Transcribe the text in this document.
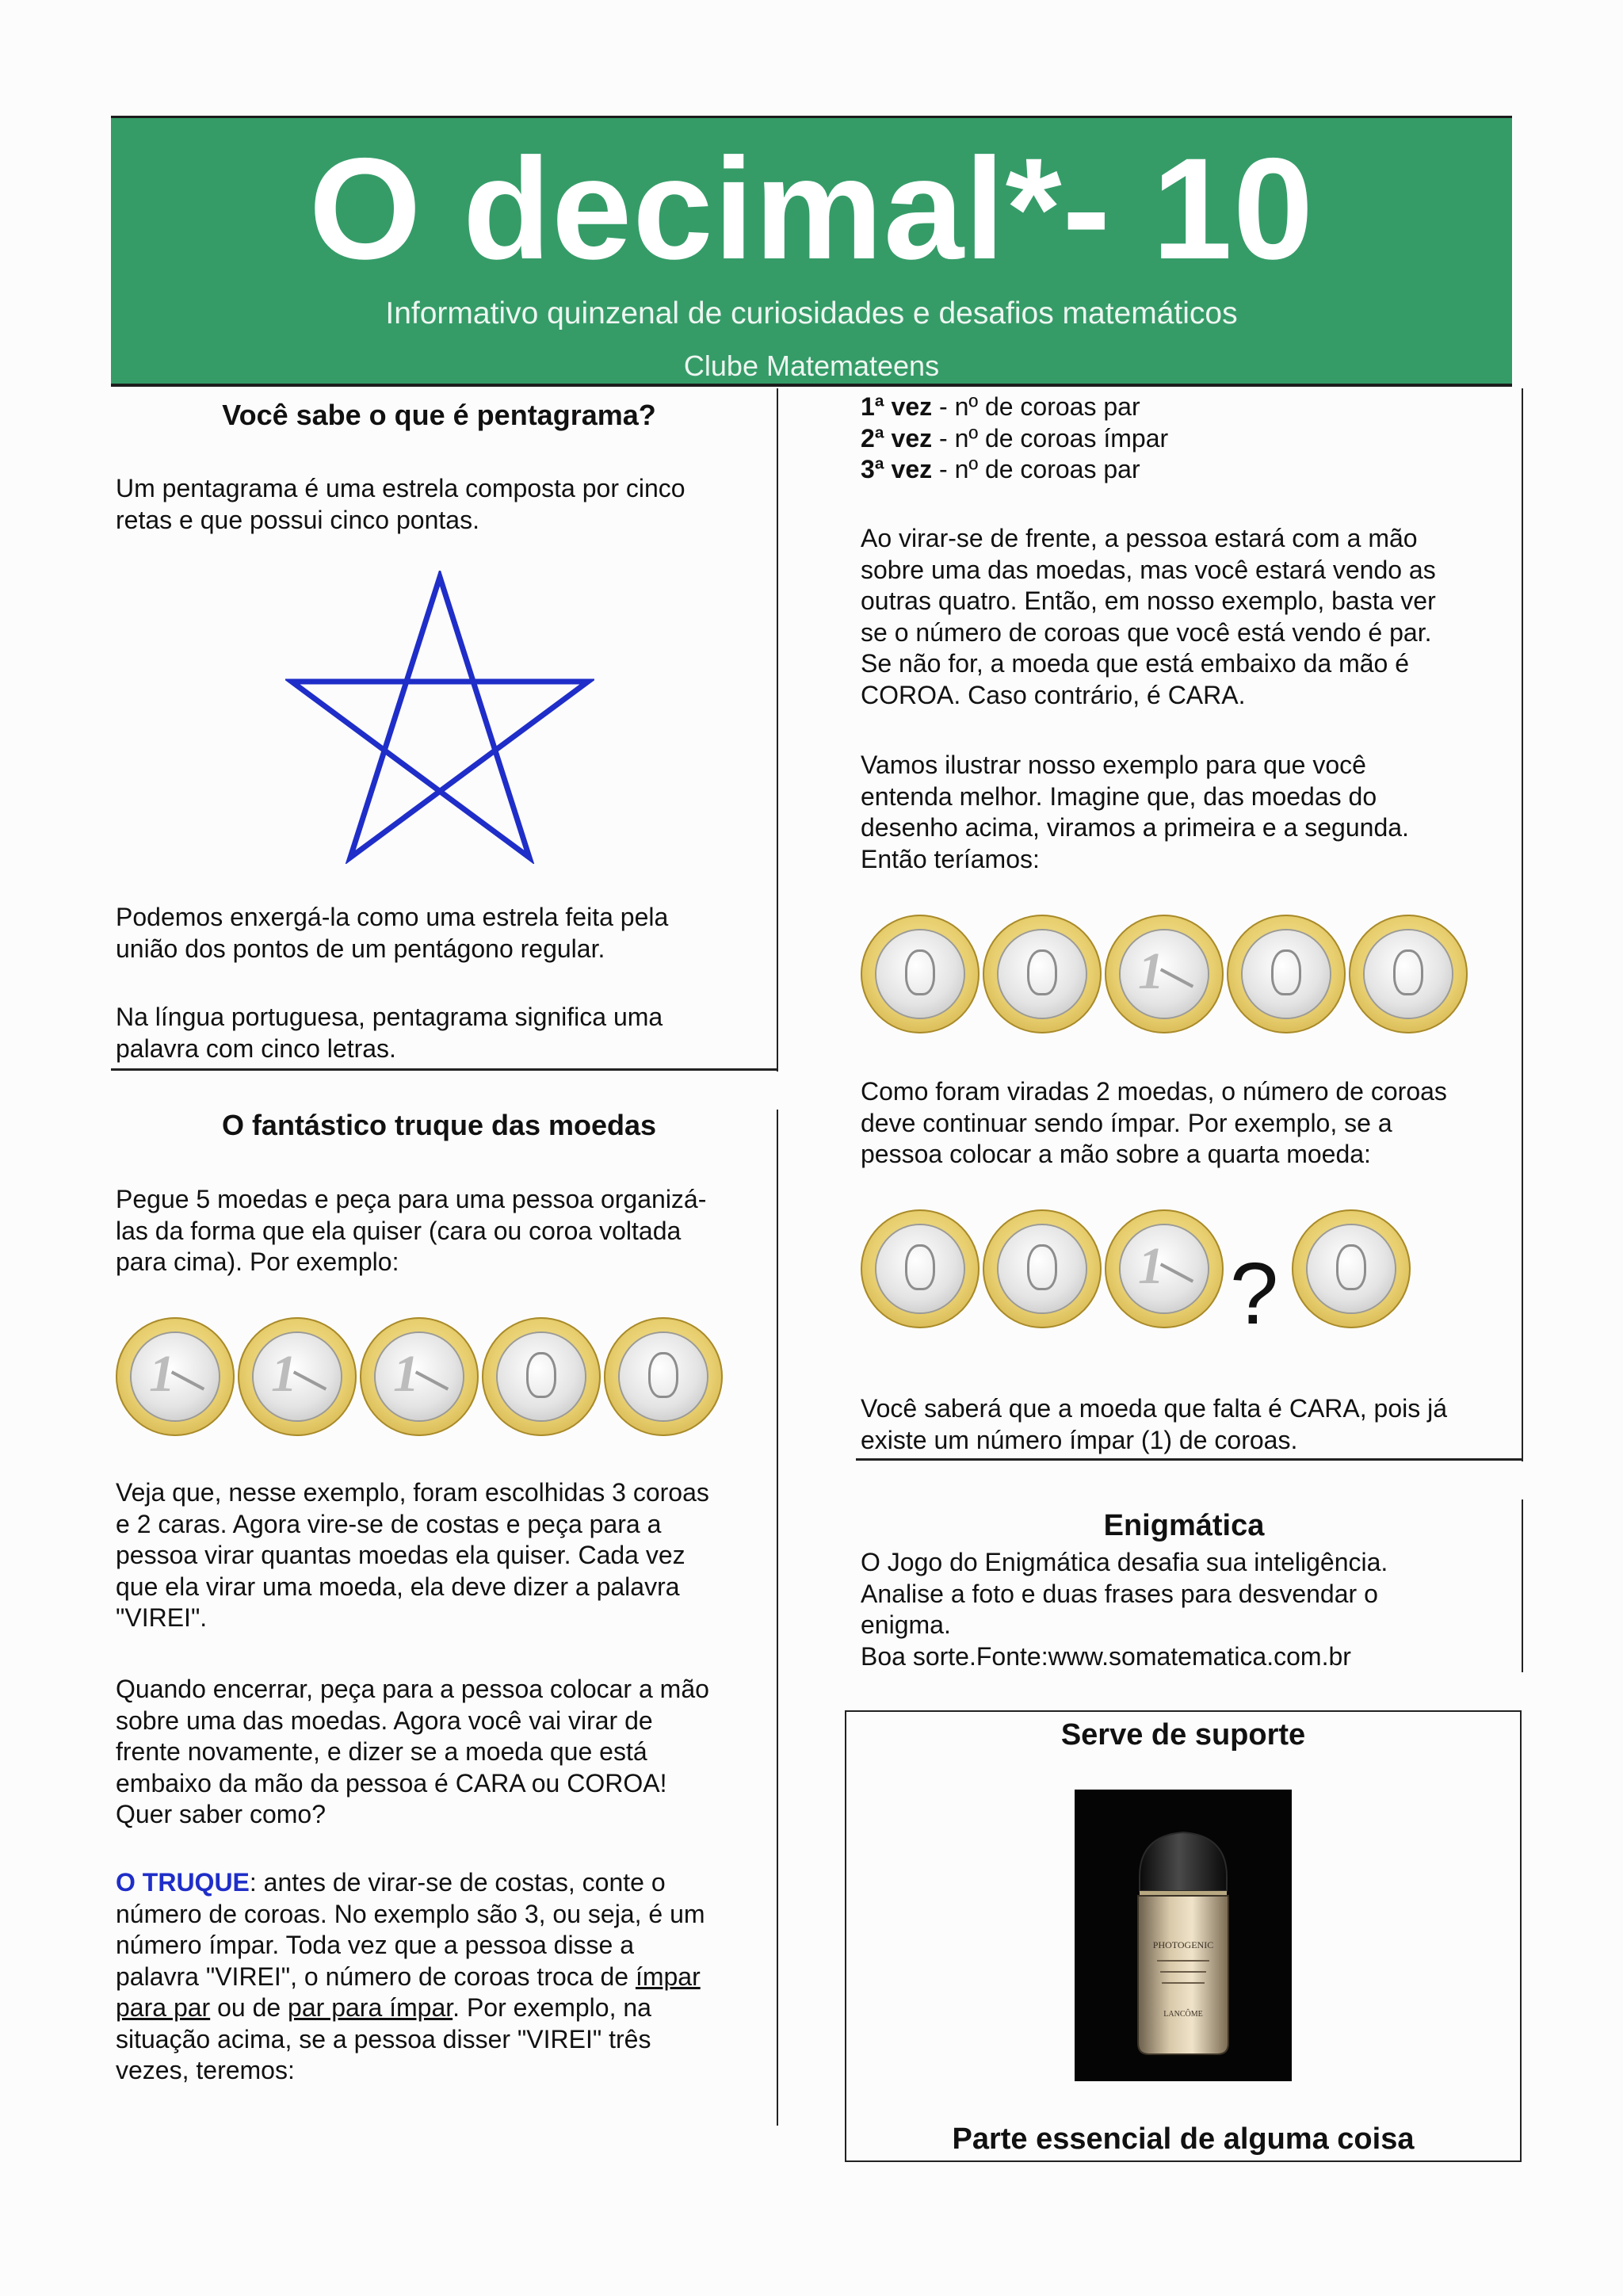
O decimal*- 10
Informativo quinzenal de curiosidades e desafios matemáticos
Clube Matemateens
Você sabe o que é pentagrama?
Um pentagrama é uma estrela composta por cinco
retas e que possui cinco pontas.
Podemos enxergá-la como uma estrela feita pela
união dos pontos de um pentágono regular.
Na língua portuguesa, pentagrama significa uma
palavra com cinco letras.
O fantástico truque das moedas
Pegue 5 moedas e peça para uma pessoa organizá-
las da forma que ela quiser (cara ou coroa voltada
para cima). Por exemplo:
1 1 1
Veja que, nesse exemplo, foram escolhidas 3 coroas
e 2 caras. Agora vire-se de costas e peça para a
pessoa virar quantas moedas ela quiser. Cada vez
que ela virar uma moeda, ela deve dizer a palavra
"VIREI".
Quando encerrar, peça para a pessoa colocar a mão
sobre uma das moedas. Agora você vai virar de
frente novamente, e dizer se a moeda que está
embaixo da mão da pessoa é CARA ou COROA!
Quer saber como?
O TRUQUE: antes de virar-se de costas, conte o
número de coroas. No exemplo são 3, ou seja, é um
número ímpar. Toda vez que a pessoa disse a
palavra "VIREI", o número de coroas troca de ímpar
para par ou de par para ímpar. Por exemplo, na
situação acima, se a pessoa disser "VIREI" três
vezes, teremos:
1ª vez - nº de coroas par
2ª vez - nº de coroas ímpar
3ª vez - nº de coroas par
Ao virar-se de frente, a pessoa estará com a mão
sobre uma das moedas, mas você estará vendo as
outras quatro. Então, em nosso exemplo, basta ver
se o número de coroas que você está vendo é par.
Se não for, a moeda que está embaixo da mão é
COROA. Caso contrário, é CARA.
Vamos ilustrar nosso exemplo para que você
entenda melhor. Imagine que, das moedas do
desenho acima, viramos a primeira e a segunda.
Então teríamos:
1
Como foram viradas 2 moedas, o número de coroas
deve continuar sendo ímpar. Por exemplo, se a
pessoa colocar a mão sobre a quarta moeda:
1 ?
Você saberá que a moeda que falta é CARA, pois já
existe um número ímpar (1) de coroas.
Enigmática
O Jogo do Enigmática desafia sua inteligência.
Analise a foto e duas frases para desvendar o
enigma.
Boa sorte.Fonte:www.somatematica.com.br
Serve de suporte
PHOTOGENIC
LANCÔME
Parte essencial de alguma coisa
